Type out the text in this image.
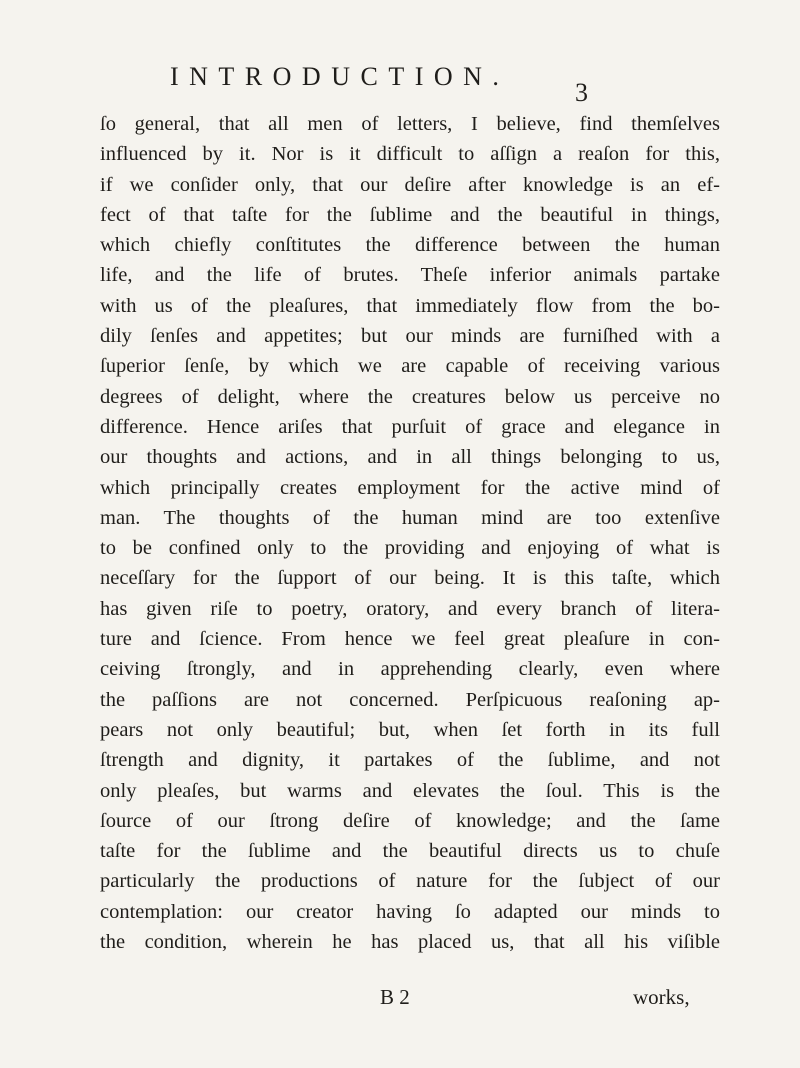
INTRODUCTION.
3
ſo general, that all men of letters, I believe, find themſelves
influenced by it. Nor is it difficult to aſſign a reaſon for this,
if we conſider only, that our deſire after knowledge is an ef-
fect of that taſte for the ſublime and the beautiful in things,
which chiefly conſtitutes the difference between the human
life, and the life of brutes. Theſe inferior animals partake
with us of the pleaſures, that immediately flow from the bo-
dily ſenſes and appetites; but our minds are furniſhed with a
ſuperior ſenſe, by which we are capable of receiving various
degrees of delight, where the creatures below us perceive no
difference. Hence ariſes that purſuit of grace and elegance in
our thoughts and actions, and in all things belonging to us,
which principally creates employment for the active mind of
man. The thoughts of the human mind are too extenſive
to be confined only to the providing and enjoying of what is
neceſſary for the ſupport of our being. It is this taſte, which
has given riſe to poetry, oratory, and every branch of litera-
ture and ſcience. From hence we feel great pleaſure in con-
ceiving ſtrongly, and in apprehending clearly, even where
the paſſions are not concerned. Perſpicuous reaſoning ap-
pears not only beautiful; but, when ſet forth in its full
ſtrength and dignity, it partakes of the ſublime, and not
only pleaſes, but warms and elevates the ſoul. This is the
ſource of our ſtrong deſire of knowledge; and the ſame
taſte for the ſublime and the beautiful directs us to chuſe
particularly the productions of nature for the ſubject of our
contemplation: our creator having ſo adapted our minds to
the condition, wherein he has placed us, that all his viſible
B 2	works,
